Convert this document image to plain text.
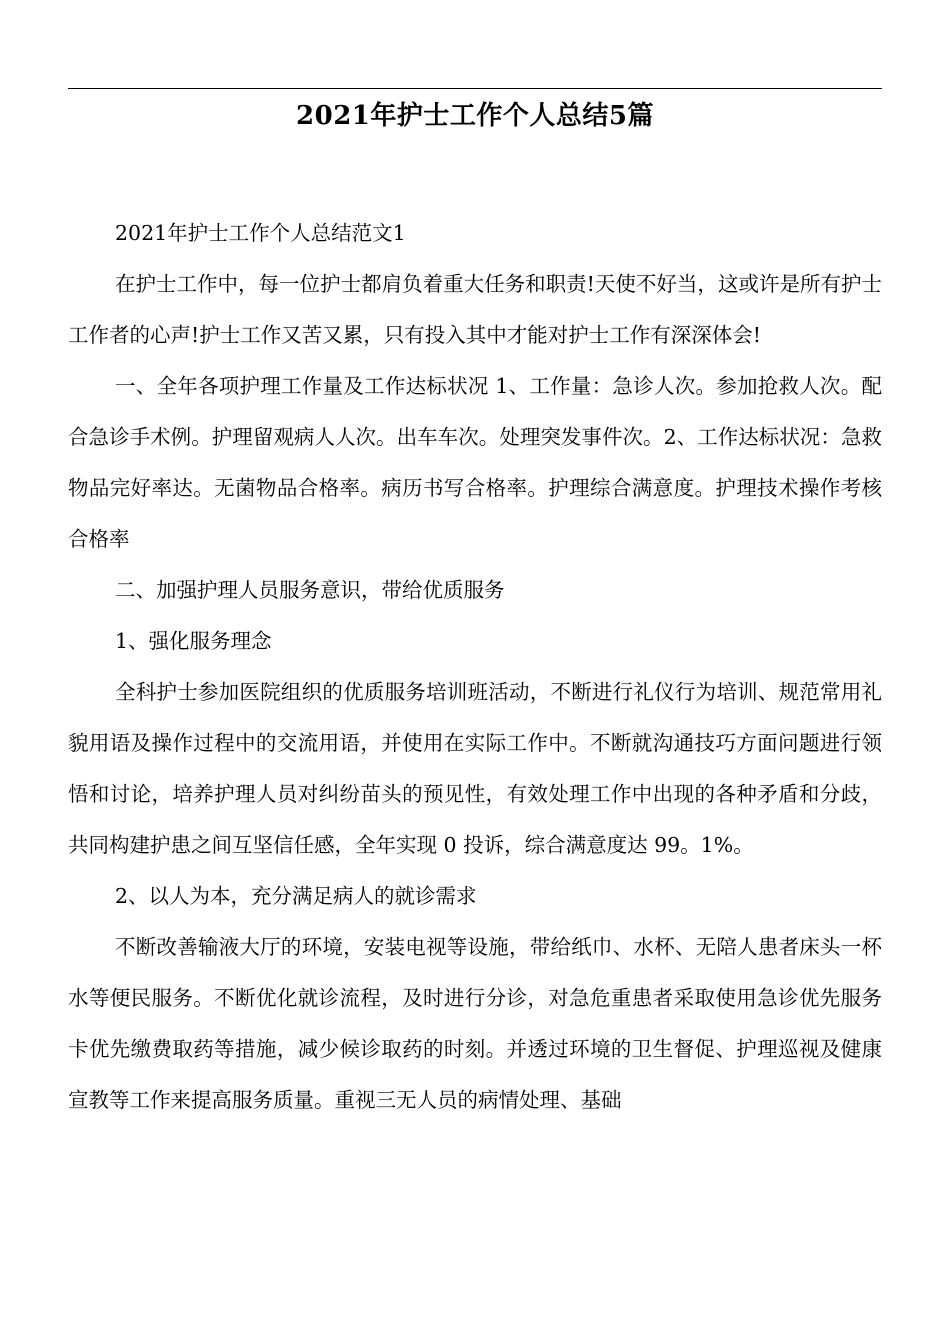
2021年护士工作个人总结5篇

2021年护士工作个人总结范文1

在护士工作中，每一位护士都肩负着重大任务和职责!天使不好当，这或许是所有护士工作者的心声!护士工作又苦又累，只有投入其中才能对护士工作有深深体会!

一、全年各项护理工作量及工作达标状况 1、工作量：急诊人次。参加抢救人次。配合急诊手术例。护理留观病人人次。出车车次。处理突发事件次。2、工作达标状况：急救物品完好率达。无菌物品合格率。病历书写合格率。护理综合满意度。护理技术操作考核合格率

二、加强护理人员服务意识，带给优质服务

1、强化服务理念

全科护士参加医院组织的优质服务培训班活动，不断进行礼仪行为培训、规范常用礼貌用语及操作过程中的交流用语，并使用在实际工作中。不断就沟通技巧方面问题进行领悟和讨论，培养护理人员对纠纷苗头的预见性，有效处理工作中出现的各种矛盾和分歧，共同构建护患之间互坚信任感，全年实现 0 投诉，综合满意度达 99。1%。

2、以人为本，充分满足病人的就诊需求

不断改善输液大厅的环境，安装电视等设施，带给纸巾、水杯、无陪人患者床头一杯水等便民服务。不断优化就诊流程，及时进行分诊，对急危重患者采取使用急诊优先服务卡优先缴费取药等措施，减少候诊取药的时刻。并透过环境的卫生督促、护理巡视及健康宣教等工作来提高服务质量。重视三无人员的病情处理、基础
